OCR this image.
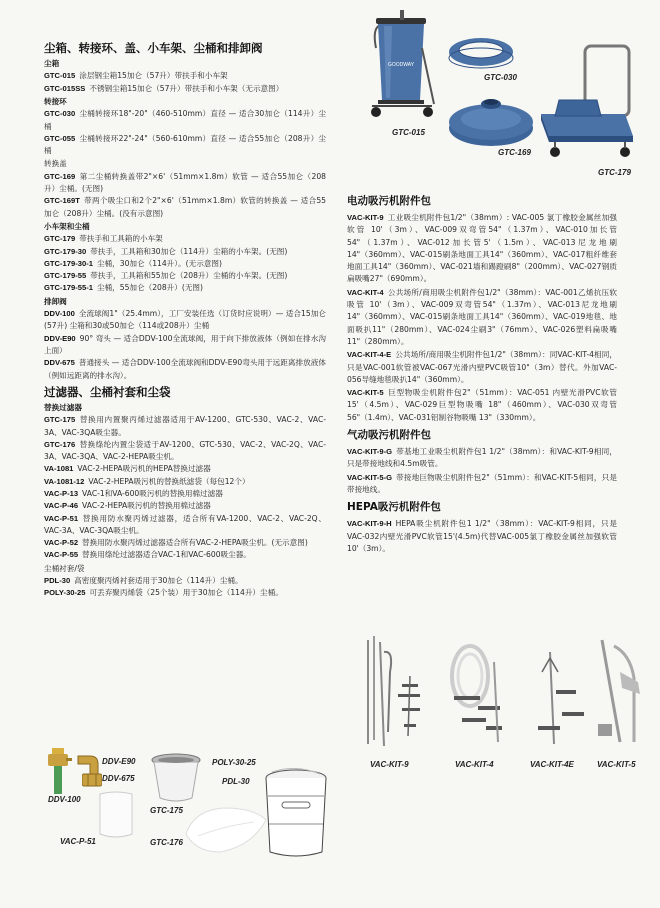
尘箱、转接环、盖、小车架、尘桶和排卸阀
尘箱
GTC-015 涂层钢尘箱15加仑（57升）带扶手和小车架
GTC-015SS 不锈钢尘箱15加仑（57升）带扶手和小车架（无示意图）
转接环
GTC-030 尘桶转接环18"-20"（460-510mm）直径 — 适合30加仑（114升）尘桶
GTC-055 尘桶转接环22"-24"（560-610mm）直径 — 适合55加仑（208升）尘桶
转换盖
GTC-169 第二尘桶转换盖带2"×6'（51mm×1.8m）软管 — 适合55加仑（208升）尘桶。(无图)
GTC-169T 带两个吸尘口和2个2"×6'（51mm×1.8m）软管的转换盖 — 适合55加仑（208升）尘桶。(没有示意图)
小车架和尘桶
GTC-179 带扶手和工具箱的小车架
GTC-179-30 带扶手，工具箱和30加仑（114升）尘箱的小车架。(无图)
GTC-179-30-1 尘桶，30加仑（114升）。(无示意图)
GTC-179-55 带扶手，工具箱和55加仑（208升）尘桶的小车架。(无图)
GTC-179-55-1 尘桶，55加仑（208升）(无图)
排卸阀
DDV-100 全流球阀1"（25.4mm），工厂安装任选（订货时应说明）— 适合15加仑(57升) 尘箱和30或50加仑（114或208升）尘桶
DDV-E90 90° 弯头 — 适合DDV-100全流球阀，用于向下排放液体（例如在排水沟上面）
DDV-675 普通接头 — 适合DDV-100全流球阀和DDV-E90弯头用于远距离排放液体（例如远距离的排水沟）。
过滤器、尘桶衬套和尘袋
替换过滤器
GTC-175 替换用内置聚丙烯过滤器适用于AV-1200、GTC-530、VAC-2、VAC-3A、VAC-3QA吸尘器。
GTC-176 替换绦纶内置尘袋适于AV-1200、GTC-530、VAC-2、VAC-2Q、VAC-3A、VAC-3QA、VAC-2-HEPA吸尘机。
VA-1081 VAC-2-HEPA吸污机的HEPA替换过滤器
VA-1081-12 VAC-2-HEPA吸污机的替换纸滤袋（每包12个）
VAC-P-13 VAC-1和VA-600吸污机的替换用棉过滤器
VAC-P-46 VAC-2-HEPA吸污机的替换用棉过滤器
VAC-P-51 替换用防水聚丙烯过滤器，适合所有VA-1200、VAC-2、VAC-2Q、VAC-3A、VAC-3QA吸尘机。
VAC-P-52 替换用防水聚丙烯过滤器适合所有VAC-2-HEPA吸尘机。(无示意图)
VAC-P-55 替换用绦纶过滤器适合VAC-1和VAC-600吸尘器。
尘桶衬套/袋
PDL-30 高密度聚丙烯衬套适用于30加仑（114升）尘桶。
POLY-30-25 可丢弃聚丙烯袋（25个装）用于30加仑（114升）尘桶。
电动吸污机附件包
VAC-KIT-9 工业吸尘机附件包1/2"（38mm）: VAC-005 氯丁橡胶金属丝加强软管 10'（3m）、VAC-009双弯管54"（1.37m）、VAC-010加长管54"（1.37m）、VAC-012加长管5'（1.5m）、VAC-013尼龙地刷14"（360mm）、VAC-015刷条地面工具14"（360mm）、VAC-017粗纤维套地面工具14"（360mm）、VAC-021墙和踢蹬刷8"（200mm）、VAC-027钢质扁吸嘴27"（690mm）。
VAC-KIT-4 公共场所/商用吸尘机附件包1/2"（38mm）：VAC-001乙烯抗压软吸管 10'（3m）、VAC-009双弯管54"（1.37m）、VAC-013尼龙地刷14"（360mm）、VAC-015刷条地面工具14"（360mm）、VAC-019地毯、地面吸扒11"（280mm）、VAC-024尘刷3"（76mm）、VAC-026塑料扁吸嘴11"（280mm）。
VAC-KIT-4-E 公共场所/商用吸尘机附件包1/2"（38mm）：同VAC-KIT-4相同，只是VAC-001软管被VAC-067光滑内壁PVC吸管10"（3m）替代。外加VAC-056导缝地毯吸扒14"（360mm）。
VAC-KIT-5 巨型物吸尘机附件包2"（51mm）：VAC-051 内壁光滑PVC软管15'（4.5m）、VAC-029巨型物吸嘴 18"（460mm）、VAC-030双弯管56"（1.4m）、VAC-031铝制谷物吸嘴 13"（330mm）。
气动吸污机附件包
VAC-KIT-9-G 带基地工业吸尘机附件包1 1/2"（38mm）：和VAC-KIT-9相同，只是带接地线和4.5m吸管。
VAC-KIT-5-G 带接地巨物吸尘机附件包2"（51mm）：和VAC-KIT-5相同，只是带接地线。
HEPA吸污机附件包
VAC-KIT-9-H HEPA吸尘机附件包1 1/2"（38mm）：VAC-KIT-9相同，只是VAC-032内壁光滑PVC软管15'(4.5m)代替VAC-005氯丁橡胶金属丝加强软管10'（3m）。
GOODWAY
GTC-015
GTC-030
GTC-169
GTC-179
VAC-KIT-9	VAC-KIT-4	VAC-KIT-4E	VAC-KIT-5
DDV-100
DDV-E90
DDV-675
GTC-175
VAC-P-51	GTC-176
POLY-30-25
PDL-30
